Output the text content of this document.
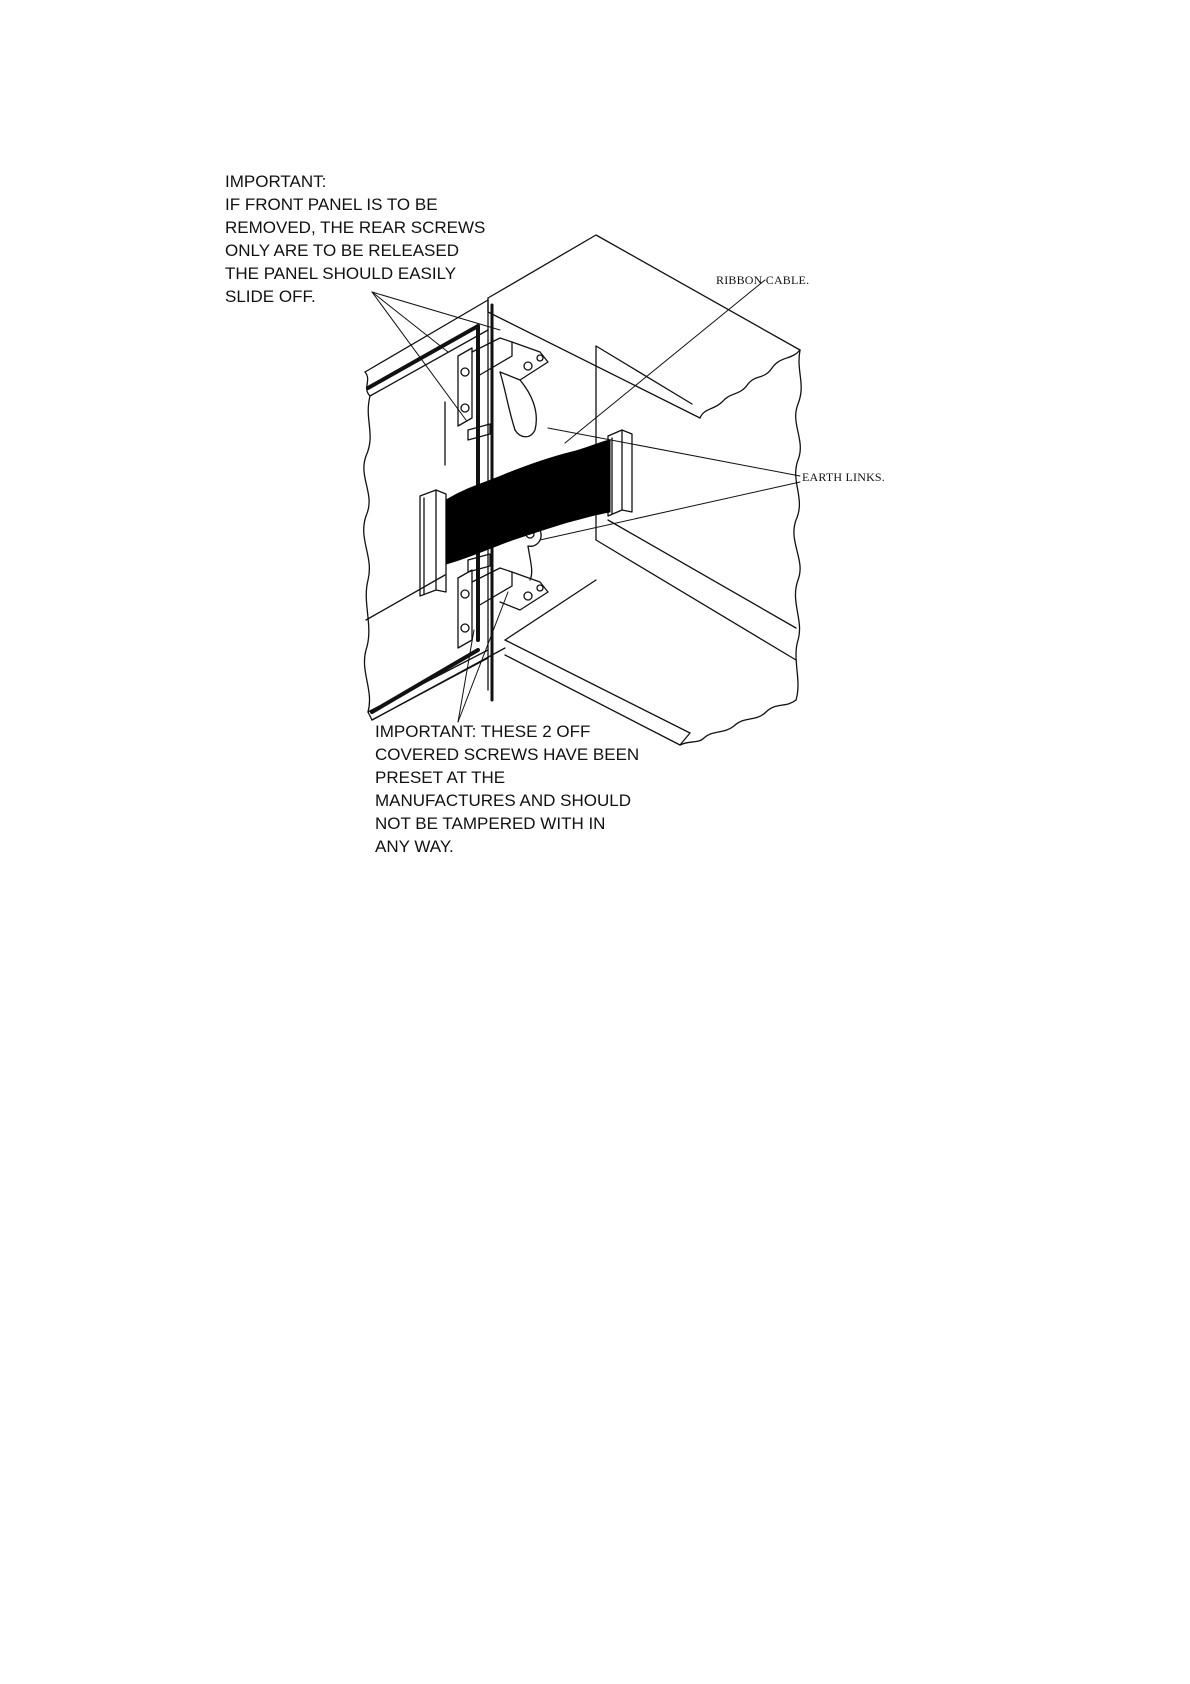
IMPORTANT:
IF FRONT PANEL IS TO BE
REMOVED, THE REAR SCREWS
ONLY ARE TO BE RELEASED
THE PANEL SHOULD EASILY
SLIDE OFF.
RIBBON CABLE.
EARTH LINKS.
IMPORTANT: THESE 2 OFF
COVERED SCREWS HAVE BEEN
PRESET AT THE
MANUFACTURES AND SHOULD
NOT BE TAMPERED WITH IN
ANY WAY.
